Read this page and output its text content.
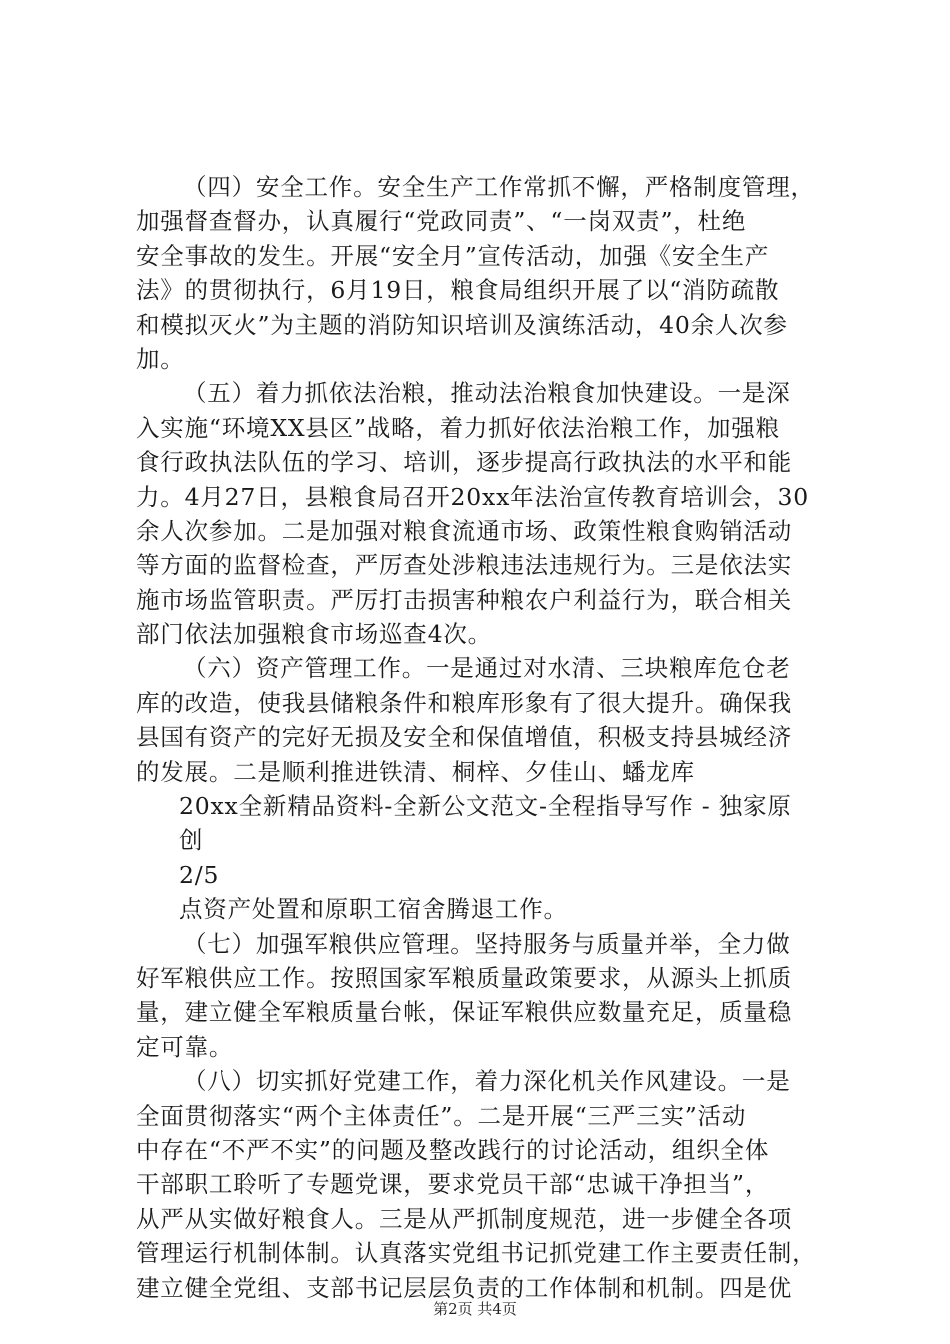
（四）安全工作。安全生产工作常抓不懈，严格制度管理，
加强督查督办，认真履行“党政同责”、“一岗双责”，杜绝
安全事故的发生。开展“安全月”宣传活动，加强《安全生产
法》的贯彻执行，6月19日，粮食局组织开展了以“消防疏散
和模拟灭火”为主题的消防知识培训及演练活动，40余人次参
加。
（五）着力抓依法治粮，推动法治粮食加快建设。一是深
入实施“环境XX县区”战略，着力抓好依法治粮工作，加强粮
食行政执法队伍的学习、培训，逐步提高行政执法的水平和能
力。4月27日，县粮食局召开20xx年法治宣传教育培训会，30
余人次参加。二是加强对粮食流通市场、政策性粮食购销活动
等方面的监督检查，严厉查处涉粮违法违规行为。三是依法实
施市场监管职责。严厉打击损害种粮农户利益行为，联合相关
部门依法加强粮食市场巡查4次。
（六）资产管理工作。一是通过对水清、三块粮库危仓老
库的改造，使我县储粮条件和粮库形象有了很大提升。确保我
县国有资产的完好无损及安全和保值增值，积极支持县城经济
的发展。二是顺利推进铁清、桐梓、夕佳山、蟠龙库
20xx全新精品资料-全新公文范文-全程指导写作 - 独家原
创
2/5
点资产处置和原职工宿舍腾退工作。
（七）加强军粮供应管理。坚持服务与质量并举，全力做
好军粮供应工作。按照国家军粮质量政策要求，从源头上抓质
量，建立健全军粮质量台帐，保证军粮供应数量充足，质量稳
定可靠。
（八）切实抓好党建工作，着力深化机关作风建设。一是
全面贯彻落实“两个主体责任”。二是开展“三严三实”活动
中存在“不严不实”的问题及整改践行的讨论活动，组织全体
干部职工聆听了专题党课，要求党员干部“忠诚干净担当”，
从严从实做好粮食人。三是从严抓制度规范，进一步健全各项
管理运行机制体制。认真落实党组书记抓党建工作主要责任制，
建立健全党组、支部书记层层负责的工作体制和机制。四是优
第2页 共4页
